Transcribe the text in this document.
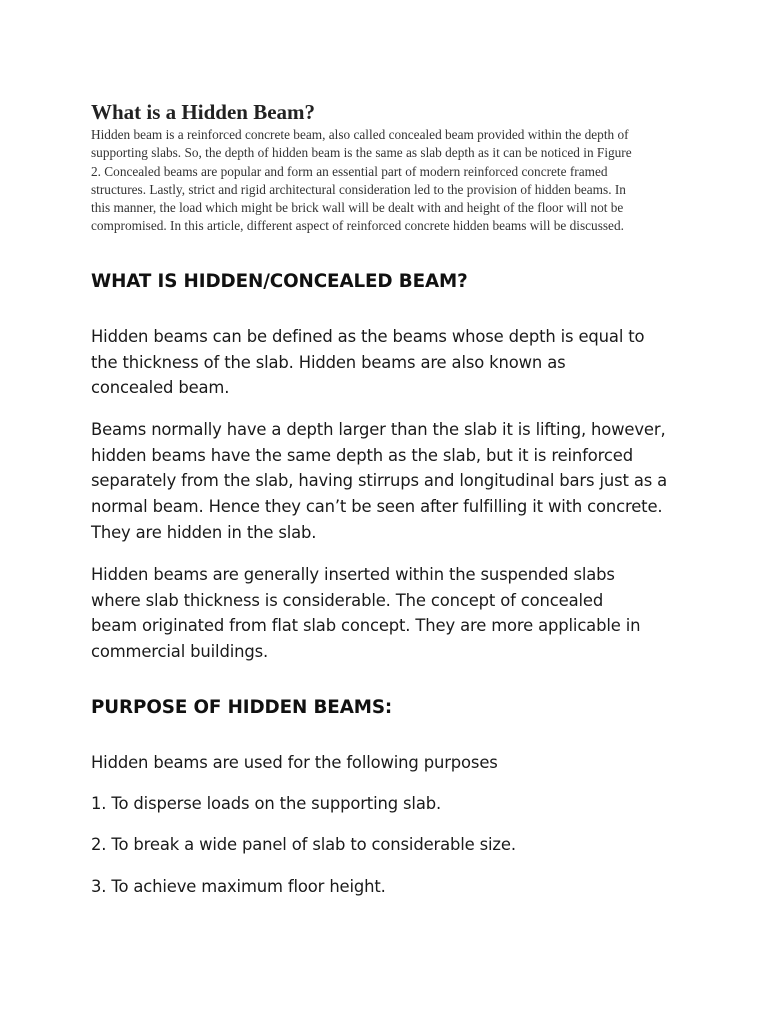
What is a Hidden Beam?
Hidden beam is a reinforced concrete beam, also called concealed beam provided within the depth of
supporting slabs. So, the depth of hidden beam is the same as slab depth as it can be noticed in Figure
2. Concealed beams are popular and form an essential part of modern reinforced concrete framed
structures. Lastly, strict and rigid architectural consideration led to the provision of hidden beams. In
this manner, the load which might be brick wall will be dealt with and height of the floor will not be
compromised. In this article, different aspect of reinforced concrete hidden beams will be discussed.
WHAT IS HIDDEN/CONCEALED BEAM?
Hidden beams can be defined as the beams whose depth is equal to
the thickness of the slab. Hidden beams are also known as
concealed beam.
Beams normally have a depth larger than the slab it is lifting, however,
hidden beams have the same depth as the slab, but it is reinforced
separately from the slab, having stirrups and longitudinal bars just as a
normal beam. Hence they can’t be seen after fulfilling it with concrete.
They are hidden in the slab.
Hidden beams are generally inserted within the suspended slabs
where slab thickness is considerable. The concept of concealed
beam originated from flat slab concept. They are more applicable in
commercial buildings.
PURPOSE OF HIDDEN BEAMS:
Hidden beams are used for the following purposes
1. To disperse loads on the supporting slab.
2. To break a wide panel of slab to considerable size.
3. To achieve maximum floor height.
